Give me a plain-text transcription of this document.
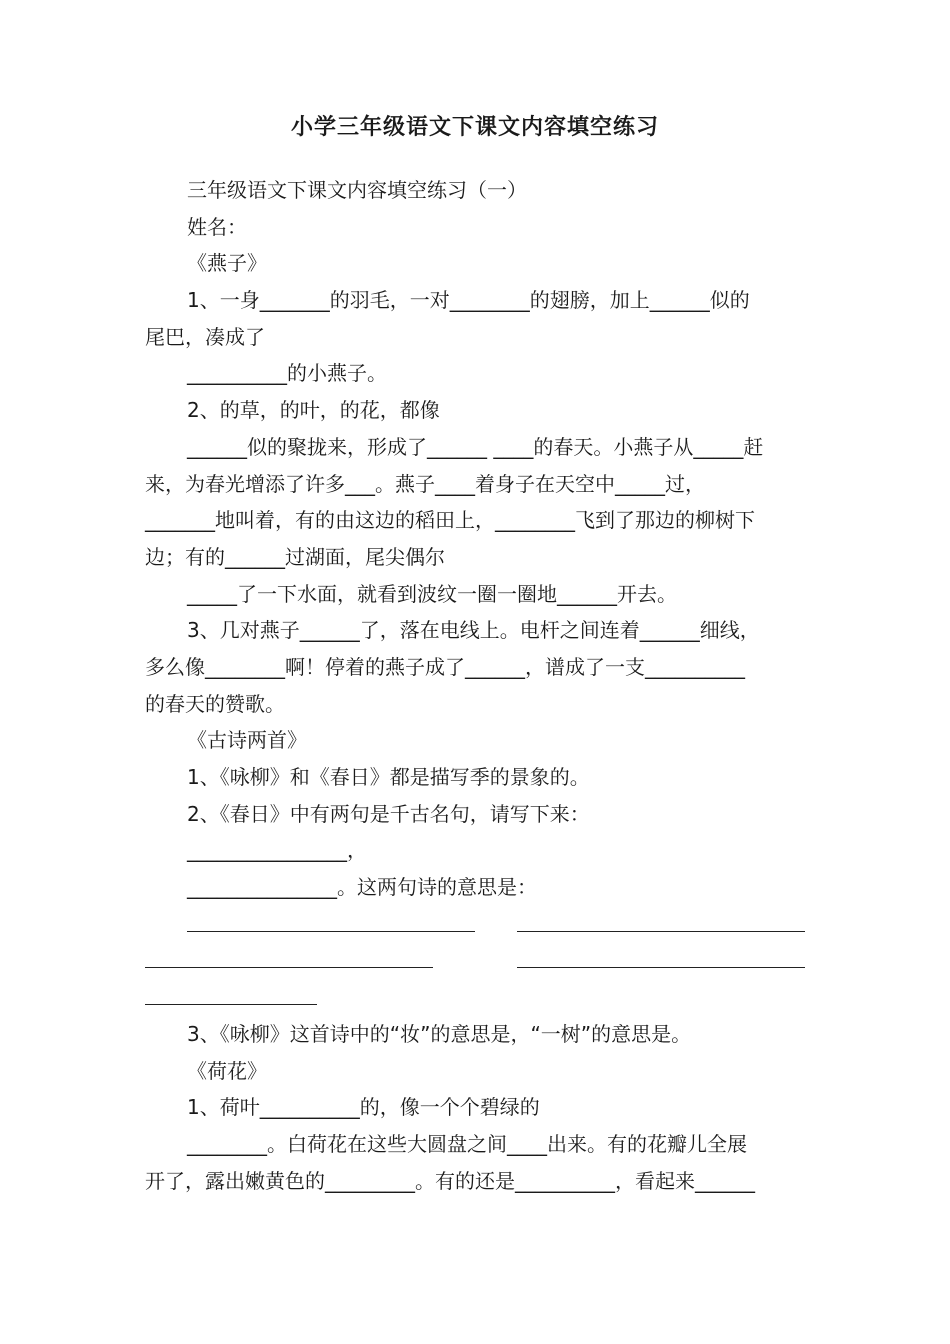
小学三年级语文下课文内容填空练习
三年级语文下课文内容填空练习（一）
姓名：
《燕子》
1、一身_______的羽毛，一对________的翅膀，加上______似的
尾巴，凑成了
__________的小燕子。
2、的草，的叶，的花，都像
______似的聚拢来，形成了______ ____的春天。小燕子从_____赶
来，为春光增添了许多___。燕子____着身子在天空中_____过，
_______地叫着，有的由这边的稻田上，________飞到了那边的柳树下
边；有的______过湖面，尾尖偶尔
_____了一下水面，就看到波纹一圈一圈地______开去。
3、几对燕子______了，落在电线上。电杆之间连着______细线，
多么像________啊！停着的燕子成了______，谱成了一支__________
的春天的赞歌。
《古诗两首》
1、《咏柳》和《春日》都是描写季的景象的。
2、《春日》中有两句是千古名句，请写下来：
________________，
_______________。这两句诗的意思是：
3、《咏柳》这首诗中的“妆”的意思是，“一树”的意思是。
《荷花》
1、荷叶__________的，像一个个碧绿的
________。白荷花在这些大圆盘之间____出来。有的花瓣儿全展
开了，露出嫩黄色的_________。有的还是__________，看起来______
